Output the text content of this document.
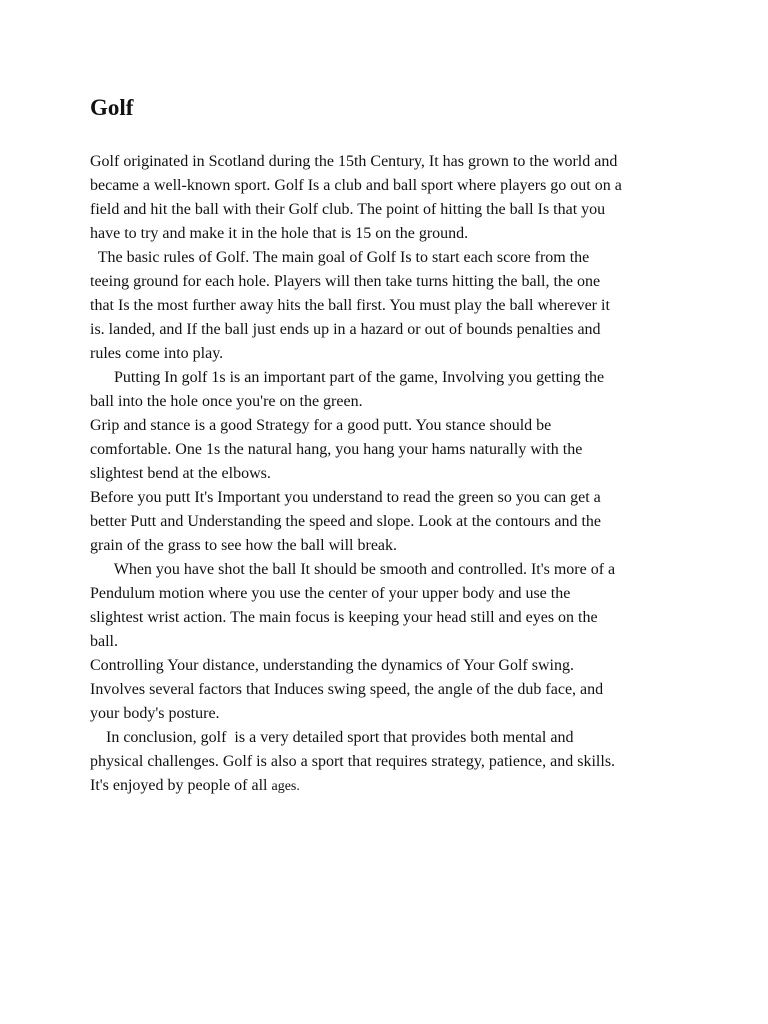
Golf
Golf originated in Scotland during the 15th Century, It has grown to the world and
became a well-known sport. Golf Is a club and ball sport where players go out on a
field and hit the ball with their Golf club. The point of hitting the ball Is that you
have to try and make it in the hole that is 15 on the ground.
The basic rules of Golf. The main goal of Golf Is to start each score from the
teeing ground for each hole. Players will then take turns hitting the ball, the one
that Is the most further away hits the ball first. You must play the ball wherever it
is. landed, and If the ball just ends up in a hazard or out of bounds penalties and
rules come into play.
Putting In golf 1s is an important part of the game, Involving you getting the
ball into the hole once you're on the green.
Grip and stance is a good Strategy for a good putt. You stance should be
comfortable. One 1s the natural hang, you hang your hams naturally with the
slightest bend at the elbows.
Before you putt It's Important you understand to read the green so you can get a
better Putt and Understanding the speed and slope. Look at the contours and the
grain of the grass to see how the ball will break.
When you have shot the ball It should be smooth and controlled. It's more of a
Pendulum motion where you use the center of your upper body and use the
slightest wrist action. The main focus is keeping your head still and eyes on the
ball.
Controlling Your distance, understanding the dynamics of Your Golf swing.
Involves several factors that Induces swing speed, the angle of the dub face, and
your body's posture.
In conclusion, golf  is a very detailed sport that provides both mental and
physical challenges. Golf is also a sport that requires strategy, patience, and skills.
It's enjoyed by people of all ages.
